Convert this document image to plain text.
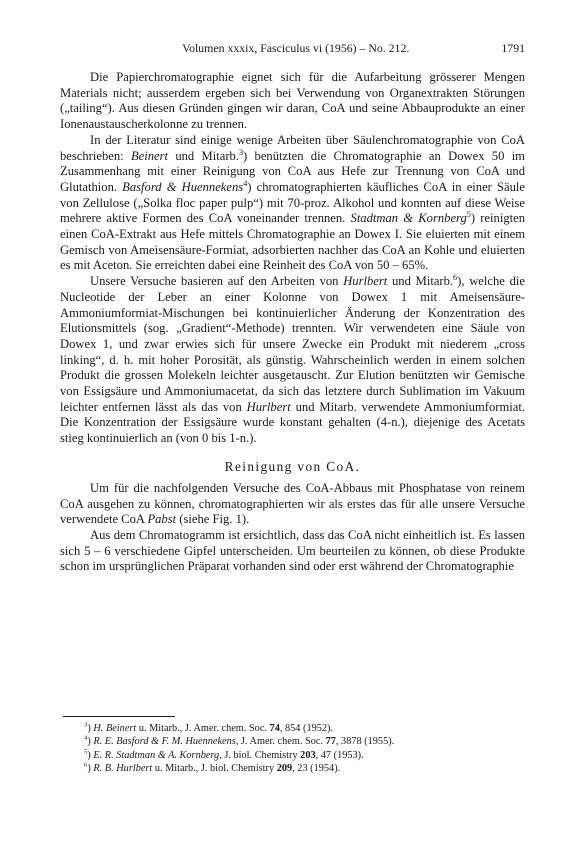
Volumen xxxix, Fasciculus vi (1956) – No. 212.	1791

Die Papierchromatographie eignet sich für die Aufarbeitung grösserer Mengen Materials nicht; ausserdem ergeben sich bei Verwendung von Organextrakten Störungen („tailing“). Aus diesen Gründen gingen wir daran, CoA und seine Abbauprodukte an einer Ionenaustauscherkolonne zu trennen.

In der Literatur sind einige wenige Arbeiten über Säulenchromatographie von CoA beschrieben: Beinert und Mitarb.$^3$) benützten die Chromatographie an Dowex 50 im Zusammenhang mit einer Reinigung von CoA aus Hefe zur Trennung von CoA und Glutathion. Basford & Huennekens$^4$) chromatographierten käufliches CoA in einer Säule von Zellulose („Solka floc paper pulp“) mit 70-proz. Alkohol und konnten auf diese Weise mehrere aktive Formen des CoA voneinander trennen. Stadtman & Kornberg$^5$) reinigten einen CoA-Extrakt aus Hefe mittels Chromatographie an Dowex I. Sie eluierten mit einem Gemisch von Ameisensäure-Formiat, adsorbierten nachher das CoA an Kohle und eluierten es mit Aceton. Sie erreichten dabei eine Reinheit des CoA von 50 – 65%.

Unsere Versuche basieren auf den Arbeiten von Hurlbert und Mitarb.$^6$), welche die Nucleotide der Leber an einer Kolonne von Dowex 1 mit Ameisensäure-Ammoniumformiat-Mischungen bei kontinuierlicher Änderung der Konzentration des Elutionsmittels (sog. „Gradient“-Methode) trennten. Wir verwendeten eine Säule von Dowex 1, und zwar erwies sich für unsere Zwecke ein Produkt mit niederem „cross linking“, d. h. mit hoher Porosität, als günstig. Wahrscheinlich werden in einem solchen Produkt die grossen Molekeln leichter ausgetauscht. Zur Elution benützten wir Gemische von Essigsäure und Ammoniumacetat, da sich das letztere durch Sublimation im Vakuum leichter entfernen lässt als das von Hurlbert und Mitarb. verwendete Ammoniumformiat. Die Konzentration der Essigsäure wurde konstant gehalten (4-n.), diejenige des Acetats stieg kontinuierlich an (von 0 bis 1-n.).

Reinigung von CoA.

Um für die nachfolgenden Versuche des CoA-Abbaus mit Phosphatase von reinem CoA ausgehen zu können, chromatographierten wir als erstes das für alle unsere Versuche verwendete CoA Pabst (siehe Fig. 1).

Aus dem Chromatogramm ist ersichtlich, dass das CoA nicht einheitlich ist. Es lassen sich 5 – 6 verschiedene Gipfel unterscheiden. Um beurteilen zu können, ob diese Produkte schon im ursprünglichen Präparat vorhanden sind oder erst während der Chromatographie

$^3$) H. Beinert u. Mitarb., J. Amer. chem. Soc. 74, 854 (1952).
$^4$) R. E. Basford & F. M. Huennekens, J. Amer. chem. Soc. 77, 3878 (1955).
$^5$) E. R. Stadtman & A. Kornberg, J. biol. Chemistry 203, 47 (1953).
$^6$) R. B. Hurlbert u. Mitarb., J. biol. Chemistry 209, 23 (1954).
